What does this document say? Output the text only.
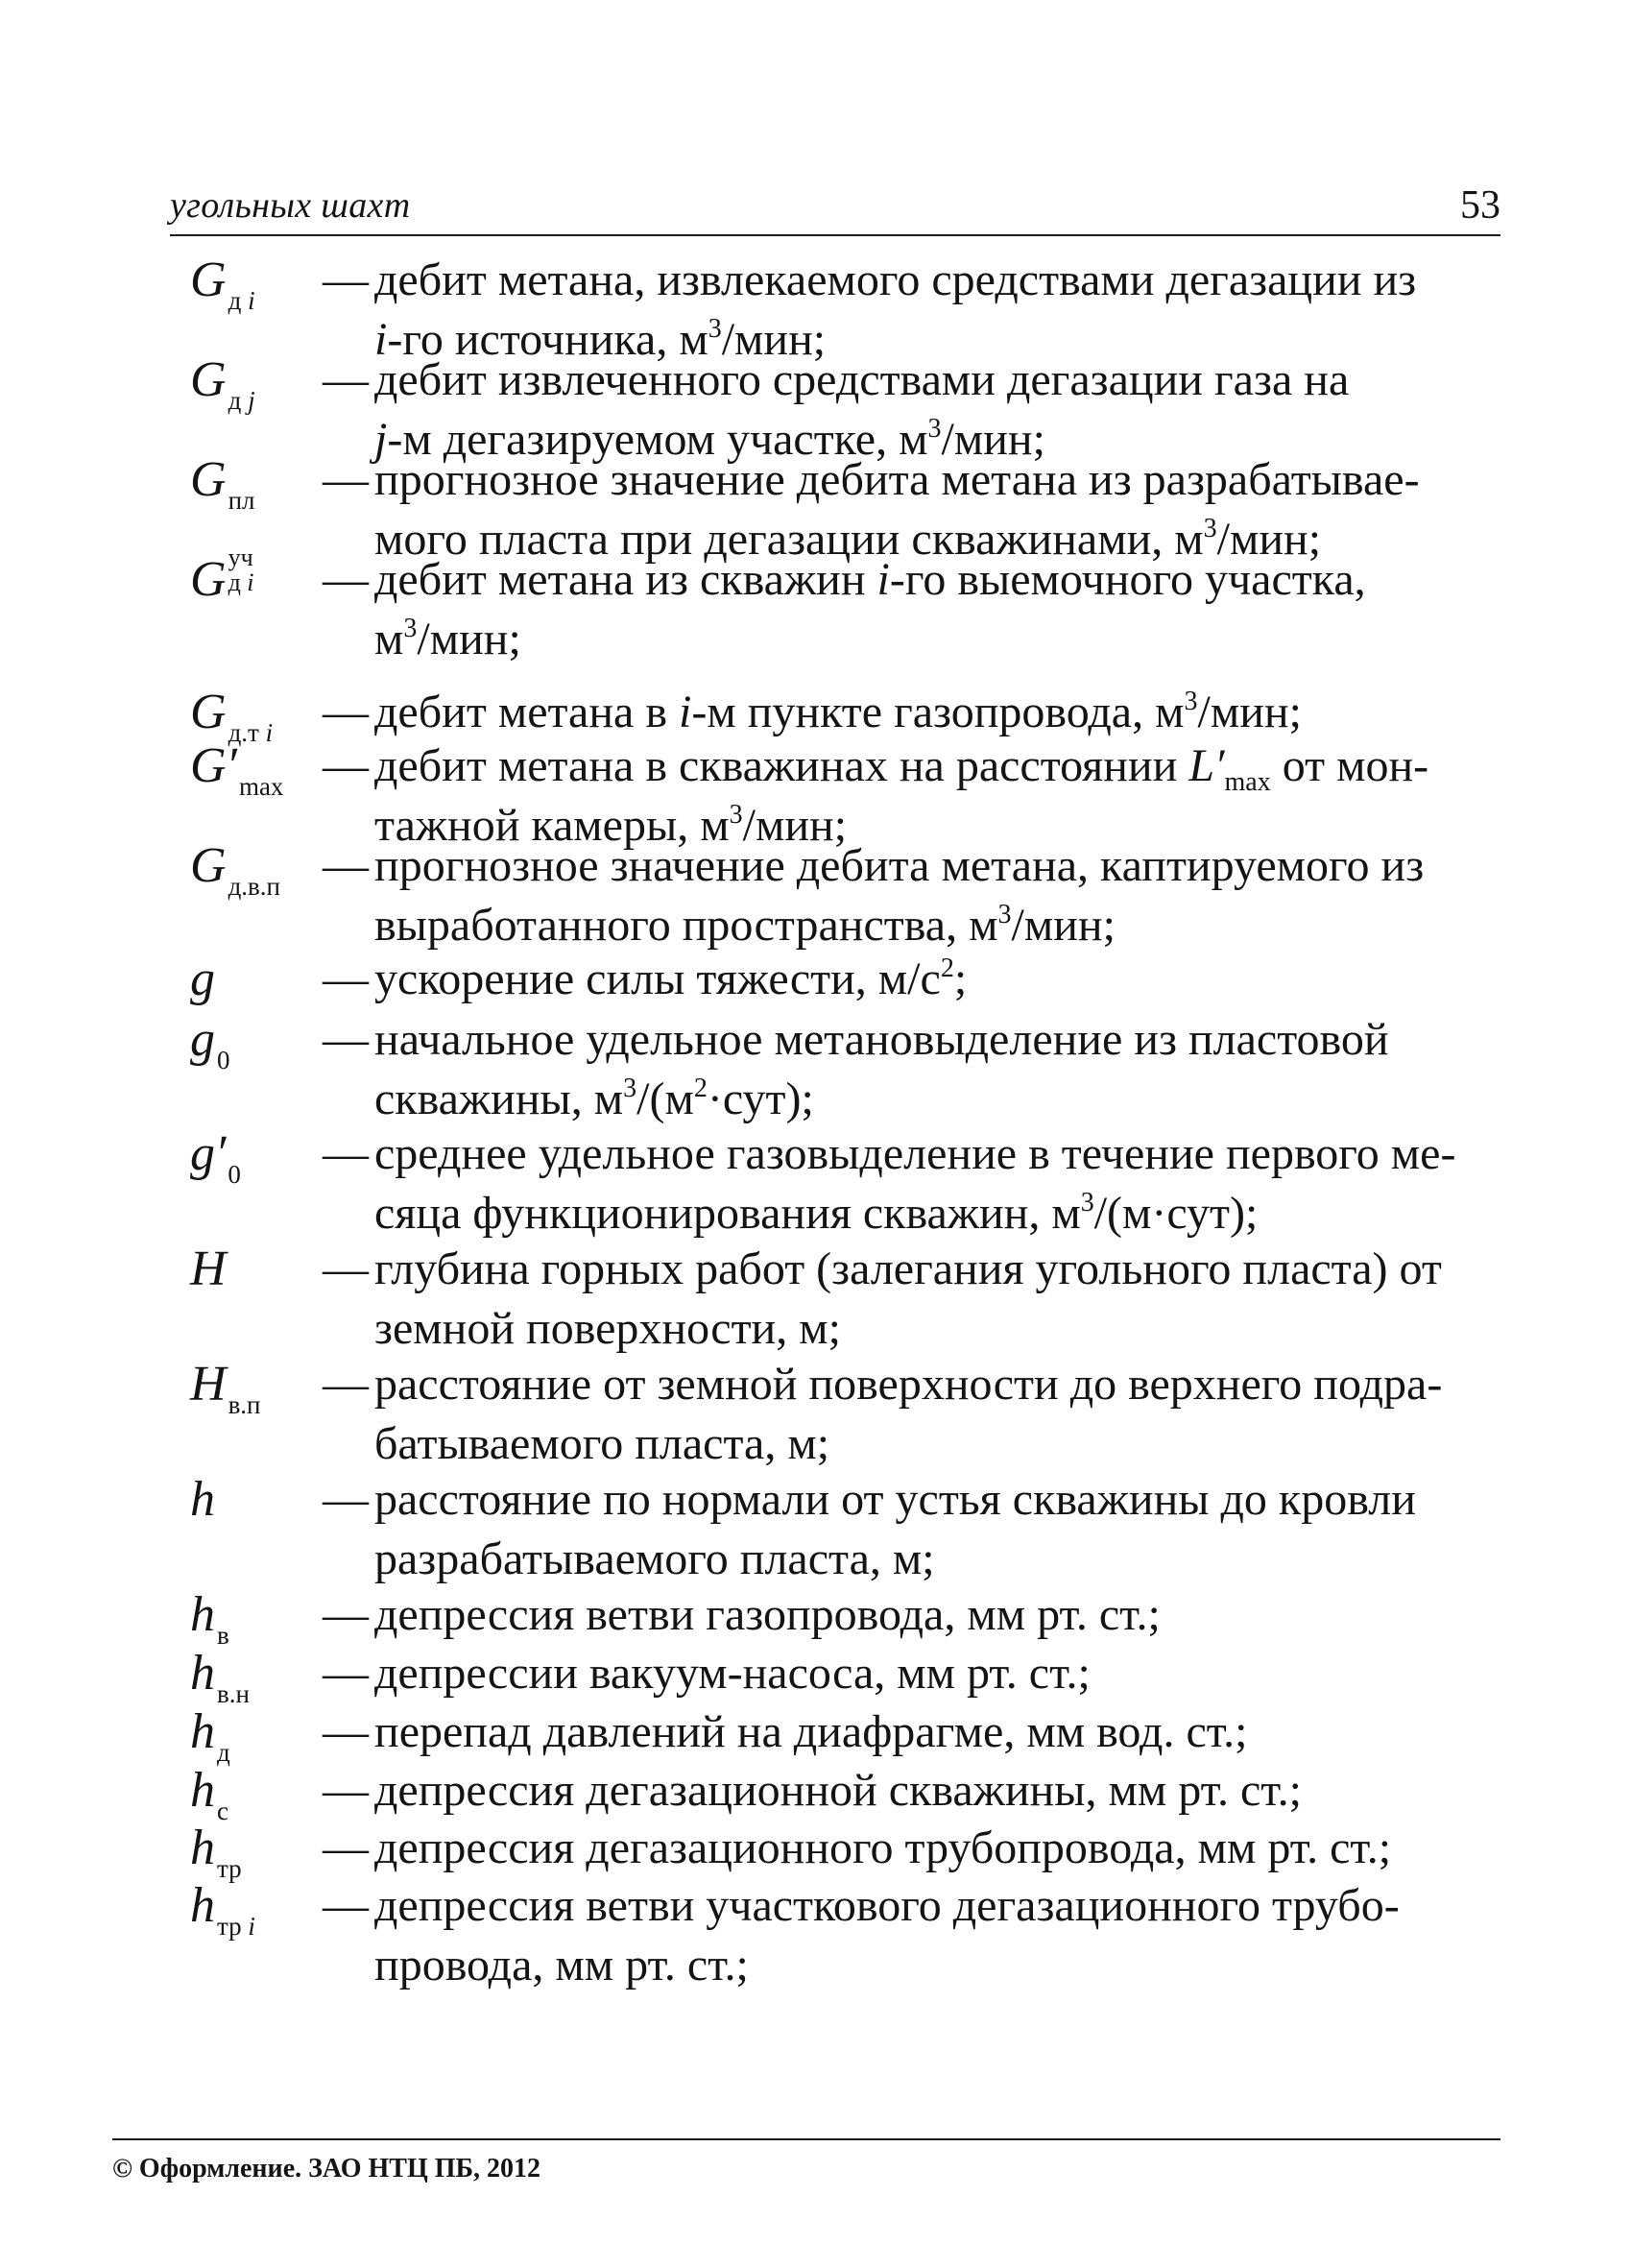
угольных шахт	53
Gд i — дебит метана, извлекаемого средствами дегазации из
i-го источника, $м^3$/мин;
Gд j — дебит извлеченного средствами дегазации газа на
j-м дегазируемом участке, $м^3$/мин;
Gпл — прогнозное значение дебита метана из разрабатывае-
мого пласта при дегазации скважинами, $м^3$/мин;
G уч
д i — дебит метана из скважин i-го выемочного участка,
$м^3$/мин;
Gд.т i — дебит метана в i-м пункте газопровода, $м^3$/мин;
G′max — дебит метана в скважинах на расстоянии $L'_{max}$ от мон-
тажной камеры, $м^3$/мин;
Gд.в.п — прогнозное значение дебита метана, каптируемого из
выработанного пространства, $м^3$/мин;
g — ускорение силы тяжести, $м/с^2$;
g0 — начальное удельное метановыделение из пластовой
скважины, $м^3/(м^2\cdot сут)$;
g′0 — среднее удельное газовыделение в течение первого ме-
сяца функционирования скважин, $м^3/(м\cdot сут)$;
H — глубина горных работ (залегания угольного пласта) от
земной поверхности, м;
Hв.п — расстояние от земной поверхности до верхнего подра-
батываемого пласта, м;
h — расстояние по нормали от устья скважины до кровли
разрабатываемого пласта, м;
hв — депрессия ветви газопровода, мм рт. ст.;
hв.н — депрессии вакуум-насоса, мм рт. ст.;
hд — перепад давлений на диафрагме, мм вод. ст.;
hс — депрессия дегазационной скважины, мм рт. ст.;
hтр — депрессия дегазационного трубопровода, мм рт. ст.;
hтр i — депрессия ветви участкового дегазационного трубо-
провода, мм рт. ст.;
© Оформление. ЗАО НТЦ ПБ, 2012
